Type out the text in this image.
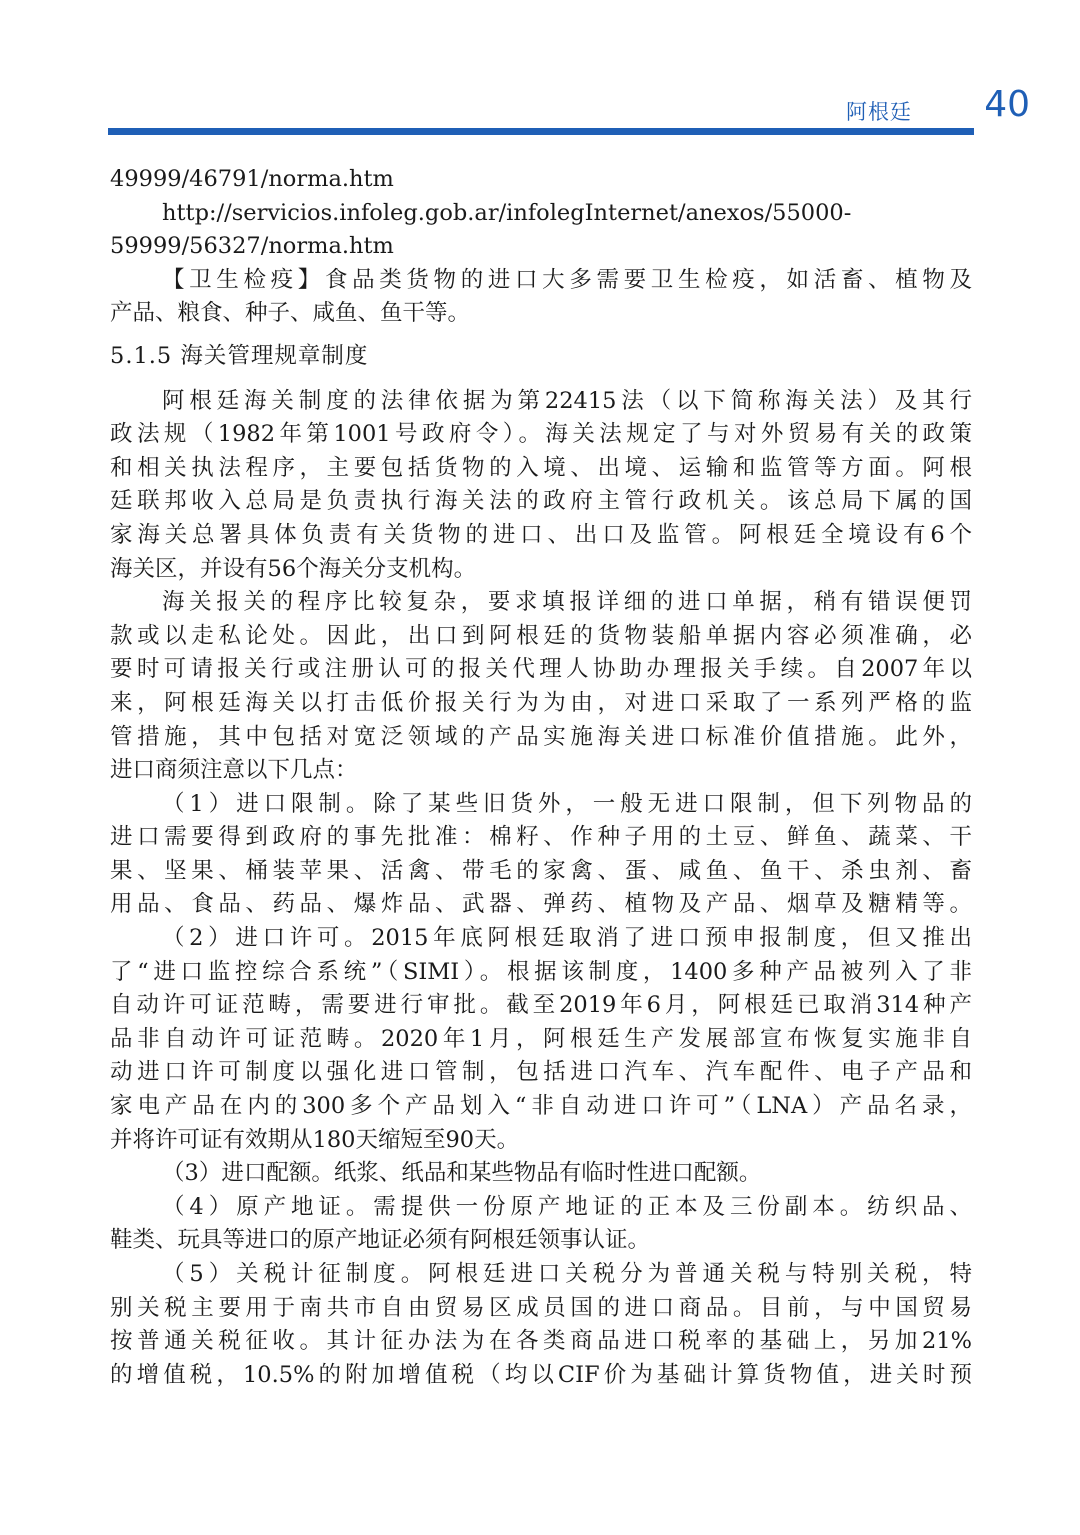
阿根廷 40
49999/46791/norma.htm
http://servicios.infoleg.gob.ar/infolegInternet/anexos/55000-
59999/56327/norma.htm
【卫生检疫】食品类货物的进口大多需要卫生检疫，如活畜、植物及
产品、粮食、种子、咸鱼、鱼干等。
5.1.5 海关管理规章制度
阿根廷海关制度的法律依据为第22415法（以下简称海关法）及其行
政法规（1982年第1001号政府令）。海关法规定了与对外贸易有关的政策
和相关执法程序，主要包括货物的入境、出境、运输和监管等方面。阿根
廷联邦收入总局是负责执行海关法的政府主管行政机关。该总局下属的国
家海关总署具体负责有关货物的进口、出口及监管。阿根廷全境设有6个
海关区，并设有56个海关分支机构。
海关报关的程序比较复杂，要求填报详细的进口单据，稍有错误便罚
款或以走私论处。因此，出口到阿根廷的货物装船单据内容必须准确，必
要时可请报关行或注册认可的报关代理人协助办理报关手续。自2007年以
来，阿根廷海关以打击低价报关行为为由，对进口采取了一系列严格的监
管措施，其中包括对宽泛领域的产品实施海关进口标准价值措施。此外，
进口商须注意以下几点：
（1）进口限制。除了某些旧货外，一般无进口限制，但下列物品的
进口需要得到政府的事先批准：棉籽、作种子用的土豆、鲜鱼、蔬菜、干
果、坚果、桶装苹果、活禽、带毛的家禽、蛋、咸鱼、鱼干、杀虫剂、畜
用品、食品、药品、爆炸品、武器、弹药、植物及产品、烟草及糖精等。
（2）进口许可。2015年底阿根廷取消了进口预申报制度，但又推出
了“进口监控综合系统”（SIMI）。根据该制度，1400多种产品被列入了非
自动许可证范畴，需要进行审批。截至2019年6月，阿根廷已取消314种产
品非自动许可证范畴。2020年1月，阿根廷生产发展部宣布恢复实施非自
动进口许可制度以强化进口管制，包括进口汽车、汽车配件、电子产品和
家电产品在内的300多个产品划入“非自动进口许可”（LNA）产品名录，
并将许可证有效期从180天缩短至90天。
（3）进口配额。纸浆、纸品和某些物品有临时性进口配额。
（4）原产地证。需提供一份原产地证的正本及三份副本。纺织品、
鞋类、玩具等进口的原产地证必须有阿根廷领事认证。
（5）关税计征制度。阿根廷进口关税分为普通关税与特别关税，特
别关税主要用于南共市自由贸易区成员国的进口商品。目前，与中国贸易
按普通关税征收。其计征办法为在各类商品进口税率的基础上，另加21%
的增值税，10.5%的附加增值税（均以CIF价为基础计算货物值，进关时预
